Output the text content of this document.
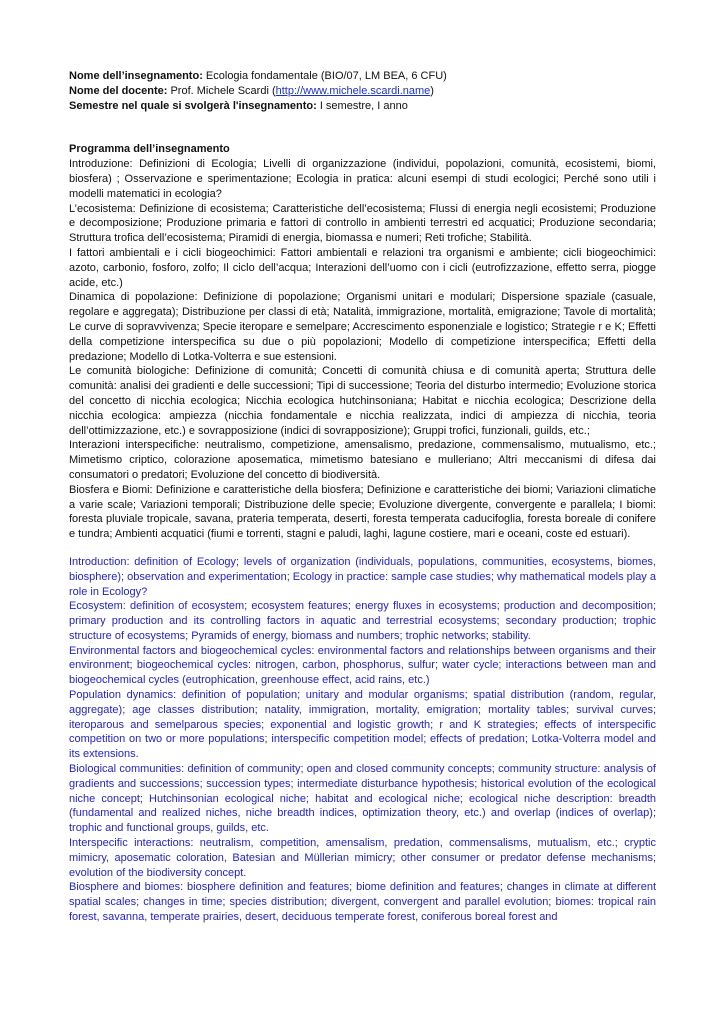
Nome dell’insegnamento: Ecologia fondamentale (BIO/07, LM BEA, 6 CFU)

Nome del docente: Prof. Michele Scardi (http://www.michele.scardi.name)

Semestre nel quale si svolgerà l'insegnamento: I semestre, I anno

Programma dell’insegnamento

Introduzione: Definizioni di Ecologia; Livelli di organizzazione (individui, popolazioni, comunità, ecosistemi, biomi, biosfera) ; Osservazione e sperimentazione; Ecologia in pratica: alcuni esempi di studi ecologici; Perché sono utili i modelli matematici in ecologia?

L’ecosistema: Definizione di ecosistema; Caratteristiche dell’ecosistema; Flussi di energia negli ecosistemi; Produzione e decomposizione; Produzione primaria e fattori di controllo in ambienti terrestri ed acquatici; Produzione secondaria; Struttura trofica dell’ecosistema; Piramidi di energia, biomassa e numeri; Reti trofiche; Stabilità.

I fattori ambientali e i cicli biogeochimici: Fattori ambientali e relazioni tra organismi e ambiente; cicli biogeochimici: azoto, carbonio, fosforo, zolfo; Il ciclo dell’acqua; Interazioni dell’uomo con i cicli (eutrofizzazione, effetto serra, piogge acide, etc.)

Dinamica di popolazione: Definizione di popolazione; Organismi unitari e modulari; Dispersione spaziale (casuale, regolare e aggregata); Distribuzione per classi di età; Natalità, immigrazione, mortalità, emigrazione; Tavole di mortalità; Le curve di sopravvivenza; Specie iteropare e semelpare; Accrescimento esponenziale e logistico; Strategie r e K; Effetti della competizione interspecifica su due o più popolazioni; Modello di competizione interspecifica; Effetti della predazione; Modello di Lotka-Volterra e sue estensioni.

Le comunità biologiche: Definizione di comunità; Concetti di comunità chiusa e di comunità aperta; Struttura delle comunità: analisi dei gradienti e delle successioni; Tipi di successione; Teoria del disturbo intermedio; Evoluzione storica del concetto di nicchia ecologica; Nicchia ecologica hutchinsoniana; Habitat e nicchia ecologica; Descrizione della nicchia ecologica: ampiezza (nicchia fondamentale e nicchia realizzata, indici di ampiezza di nicchia, teoria dell’ottimizzazione, etc.) e sovrapposizione (indici di sovrapposizione); Gruppi trofici, funzionali, guilds, etc.;

Interazioni interspecifiche: neutralismo, competizione, amensalismo, predazione, commensalismo, mutualismo, etc.; Mimetismo criptico, colorazione aposematica, mimetismo batesiano e mulleriano; Altri meccanismi di difesa dai consumatori o predatori; Evoluzione del concetto di biodiversità.

Biosfera e Biomi: Definizione e caratteristiche della biosfera; Definizione e caratteristiche dei biomi; Variazioni climatiche a varie scale; Variazioni temporali; Distribuzione delle specie; Evoluzione divergente, convergente e parallela; I biomi: foresta pluviale tropicale, savana, prateria temperata, deserti, foresta temperata caducifoglia, foresta boreale di conifere e tundra; Ambienti acquatici (fiumi e torrenti, stagni e paludi, laghi, lagune costiere, mari e oceani, coste ed estuari).

Introduction: definition of Ecology; levels of organization (individuals, populations, communities, ecosystems, biomes, biosphere); observation and experimentation; Ecology in practice: sample case studies; why mathematical models play a role in Ecology?

Ecosystem: definition of ecosystem; ecosystem features; energy fluxes in ecosystems; production and decomposition; primary production and its controlling factors in aquatic and terrestrial ecosystems; secondary production; trophic structure of ecosystems; Pyramids of energy, biomass and numbers; trophic networks; stability.

Environmental factors and biogeochemical cycles: environmental factors and relationships between organisms and their environment; biogeochemical cycles: nitrogen, carbon, phosphorus, sulfur; water cycle; interactions between man and biogeochemical cycles (eutrophication, greenhouse effect, acid rains, etc.)

Population dynamics: definition of population; unitary and modular organisms; spatial distribution (random, regular, aggregate); age classes distribution; natality, immigration, mortality, emigration; mortality tables; survival curves; iteroparous and semelparous species; exponential and logistic growth; r and K strategies; effects of interspecific competition on two or more populations; interspecific competition model; effects of predation; Lotka-Volterra model and its extensions.

Biological communities: definition of community; open and closed community concepts; community structure: analysis of gradients and successions; succession types; intermediate disturbance hypothesis; historical evolution of the ecological niche concept; Hutchinsonian ecological niche; habitat and ecological niche; ecological niche description: breadth (fundamental and realized niches, niche breadth indices, optimization theory, etc.) and overlap (indices of overlap); trophic and functional groups, guilds, etc.

Interspecific interactions: neutralism, competition, amensalism, predation, commensalisms, mutualism, etc.; cryptic mimicry, aposematic coloration, Batesian and Müllerian mimicry; other consumer or predator defense mechanisms; evolution of the biodiversity concept.

Biosphere and biomes: biosphere definition and features; biome definition and features; changes in climate at different spatial scales; changes in time; species distribution; divergent, convergent and parallel evolution; biomes: tropical rain forest, savanna, temperate prairies, desert, deciduous temperate forest, coniferous boreal forest and
